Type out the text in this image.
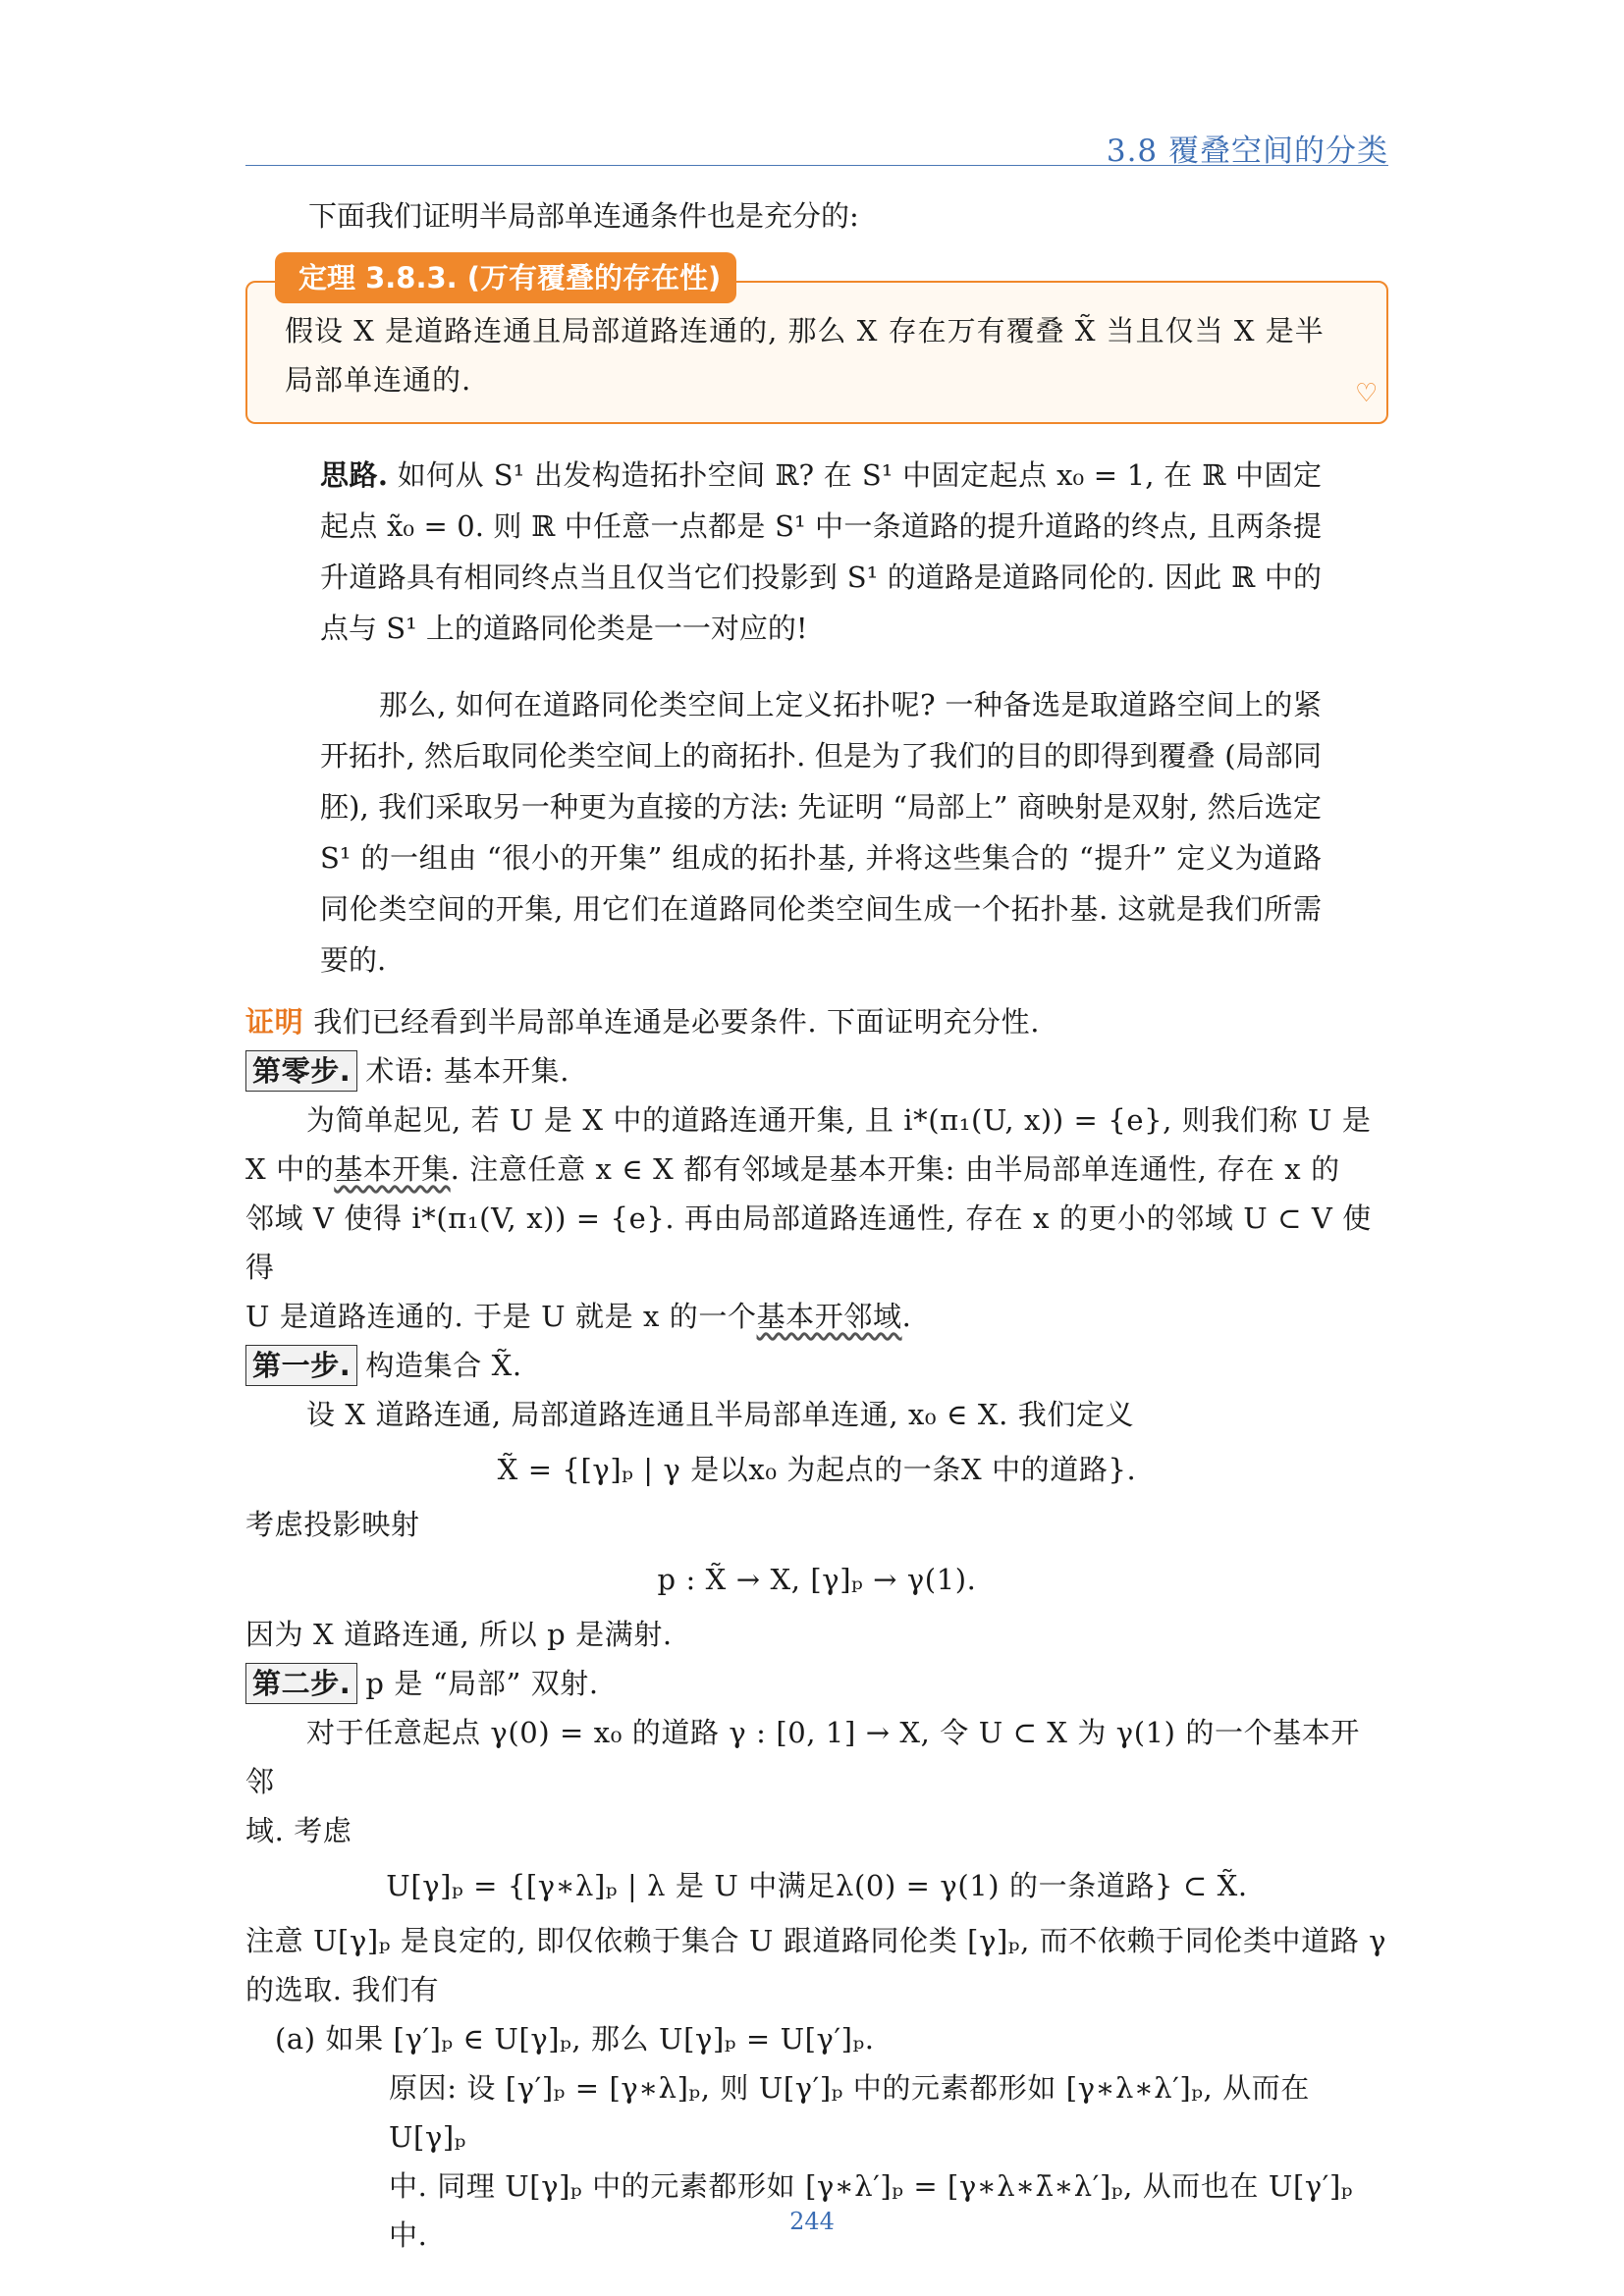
3.8 覆叠空间的分类
下面我们证明半局部单连通条件也是充分的:
定理 3.8.3. (万有覆叠的存在性)
假设 X 是道路连通且局部道路连通的, 那么 X 存在万有覆叠 X̃ 当且仅当 X 是半
局部单连通的.	♡

思路. 如何从 S¹ 出发构造拓扑空间 ℝ? 在 S¹ 中固定起点 x₀ = 1, 在 ℝ 中固定起点 x̃₀ = 0. 则 ℝ 中任意一点都是 S¹ 中一条道路的提升道路的终点, 且两条提升道路具有相同终点当且仅当它们投影到 S¹ 的道路是道路同伦的. 因此 ℝ 中的点与 S¹ 上的道路同伦类是一一对应的!

那么, 如何在道路同伦类空间上定义拓扑呢? 一种备选是取道路空间上的紧开拓扑, 然后取同伦类空间上的商拓扑. 但是为了我们的目的即得到覆叠 (局部同胚), 我们采取另一种更为直接的方法: 先证明 “局部上” 商映射是双射, 然后选定 S¹ 的一组由 “很小的开集” 组成的拓扑基, 并将这些集合的 “提升” 定义为道路同伦类空间的开集, 用它们在道路同伦类空间生成一个拓扑基. 这就是我们所需要的.

证明 我们已经看到半局部单连通是必要条件. 下面证明充分性.
第零步. 术语: 基本开集.
为简单起见, 若 U 是 X 中的道路连通开集, 且 i*(π₁(U, x)) = {e}, 则我们称 U 是
X 中的基本开集. 注意任意 x ∈ X 都有邻域是基本开集: 由半局部单连通性, 存在 x 的
邻域 V 使得 i*(π₁(V, x)) = {e}. 再由局部道路连通性, 存在 x 的更小的邻域 U ⊂ V 使得
U 是道路连通的. 于是 U 就是 x 的一个基本开邻域.
第一步. 构造集合 X̃.
设 X 道路连通, 局部道路连通且半局部单连通, x₀ ∈ X. 我们定义
X̃ = {[γ]ₚ | γ 是以x₀ 为起点的一条X 中的道路}.
考虑投影映射
p : X̃ → X, [γ]ₚ → γ(1).
因为 X 道路连通, 所以 p 是满射.
第二步. p 是 “局部” 双射.
对于任意起点 γ(0) = x₀ 的道路 γ : [0, 1] → X, 令 U ⊂ X 为 γ(1) 的一个基本开邻
域. 考虑
U[γ]ₚ = {[γ∗λ]ₚ | λ 是 U 中满足λ(0) = γ(1) 的一条道路} ⊂ X̃.
注意 U[γ]ₚ 是良定的, 即仅依赖于集合 U 跟道路同伦类 [γ]ₚ, 而不依赖于同伦类中道路 γ
的选取. 我们有
(a) 如果 [γ′]ₚ ∈ U[γ]ₚ, 那么 U[γ]ₚ = U[γ′]ₚ.
原因: 设 [γ′]ₚ = [γ∗λ]ₚ, 则 U[γ′]ₚ 中的元素都形如 [γ∗λ∗λ′]ₚ, 从而在 U[γ]ₚ
中. 同理 U[γ]ₚ 中的元素都形如 [γ∗λ′]ₚ = [γ∗λ∗λ̄∗λ′]ₚ, 从而也在 U[γ′]ₚ 中.	244
